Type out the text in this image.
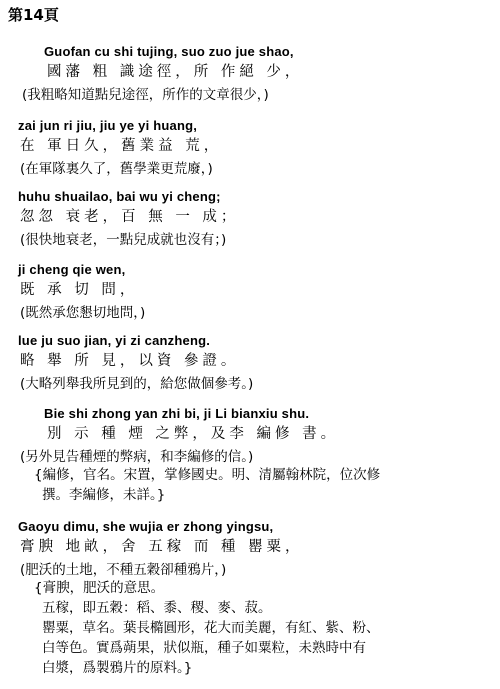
第14頁
Guofan cu shi tujing, suo zuo jue shao,
國藩 粗 識途徑，所 作絕 少，
(我粗略知道點兒途徑，所作的文章很少，)
zai jun ri jiu, jiu ye yi huang,
在 軍日久，舊業益 荒，
(在軍隊裏久了，舊學業更荒廢，)
huhu shuailao, bai wu yi cheng;
忽忽 衰老，百 無 一 成；
(很快地衰老，一點兒成就也沒有；)
ji cheng qie wen,
既 承 切 問，
(既然承您懇切地問，)
lue ju suo jian, yi zi canzheng.
略 舉 所 見，以資 參證。
(大略列舉我所見到的，給您做個參考。)
Bie shi zhong yan zhi bi, ji Li bianxiu shu.
別 示 種 煙 之弊，及李 編修 書。
(另外見告種煙的弊病，和李編修的信。)
{編修，官名。宋置，掌修國史。明、清屬翰林院，位次修
撰。李編修，未詳。}
Gaoyu dimu, she wujia er zhong yingsu,
膏腴 地畝，舍 五稼 而 種 罌粟，
(肥沃的土地，不種五穀卻種鴉片，)
{膏腴，肥沃的意思。
五稼，即五穀：稻、黍、稷、麥、菽。
罌粟，草名。葉長橢圓形，花大而美麗，有紅、紫、粉、
白等色。實爲蒴果，狀似瓶，種子如粟粒，未熟時中有
白漿，爲製鴉片的原料。}
